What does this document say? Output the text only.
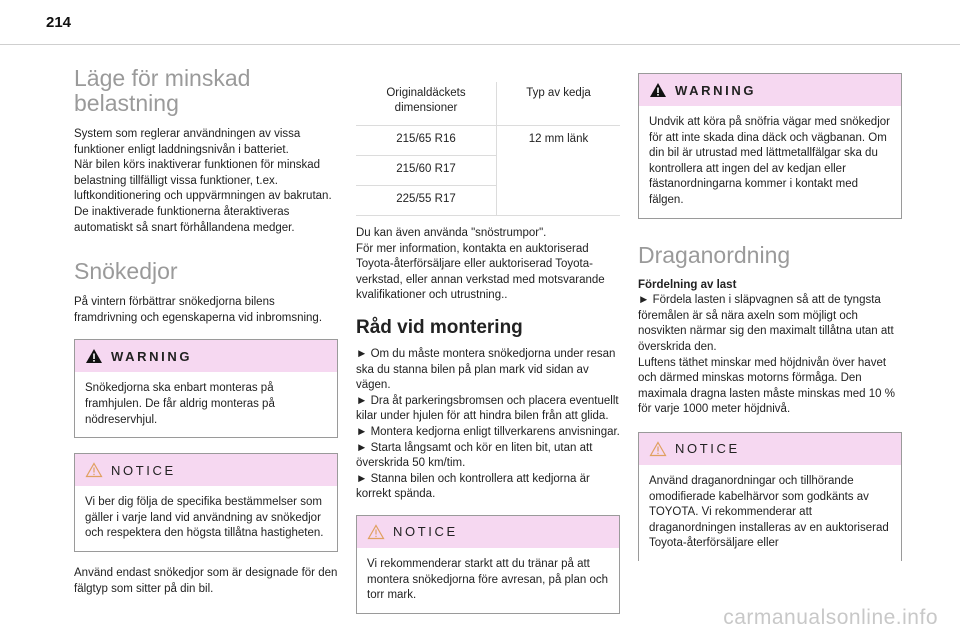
214
Läge för minskad belastning

System som reglerar användningen av vissa funktioner enligt laddningsnivån i batteriet.
När bilen körs inaktiverar funktionen för minskad belastning tillfälligt vissa funktioner, t.ex. luftkonditionering och uppvärmningen av bakrutan.
De inaktiverade funktionerna återaktiveras automatiskt så snart förhållandena medger.

Snökedjor

På vintern förbättrar snökedjorna bilens framdrivning och egenskaperna vid inbromsning.

WARNING
Snökedjorna ska enbart monteras på framhjulen. De får aldrig monteras på nödreservhjul.
NOTICE
Vi ber dig följa de specifika bestämmelser som gäller i varje land vid användning av snökedjor och respektera den högsta tillåtna hastigheten.

Använd endast snökedjor som är designade för den fälgtyp som sitter på din bil.

Originaldäckets dimensioner	Typ av kedja
215/65 R16	12 mm länk
215/60 R17	
225/55 R17	

Du kan även använda "snöstrumpor".
För mer information, kontakta en auktoriserad Toyota-återförsäljare eller auktoriserad Toyota-verkstad, eller annan verkstad med motsvarande kvalifikationer och utrustning..

Råd vid montering

► Om du måste montera snökedjorna under resan ska du stanna bilen på plan mark vid sidan av vägen.
► Dra åt parkeringsbromsen och placera eventuellt kilar under hjulen för att hindra bilen från att glida.
► Montera kedjorna enligt tillverkarens anvisningar.
► Starta långsamt och kör en liten bit, utan att överskrida 50 km/tim.
► Stanna bilen och kontrollera att kedjorna är korrekt spända.

NOTICE
Vi rekommenderar starkt att du tränar på att montera snökedjorna före avresan, på plan och torr mark.
WARNING
Undvik att köra på snöfria vägar med snökedjor för att inte skada dina däck och vägbanan. Om din bil är utrustad med lättmetallfälgar ska du kontrollera att ingen del av kedjan eller fästanordningarna kommer i kontakt med fälgen.
Draganordning

Fördelning av last

► Fördela lasten i släpvagnen så att de tyngsta föremålen är så nära axeln som möjligt och nosvikten närmar sig den maximalt tillåtna utan att överskrida den.
Luftens täthet minskar med höjdnivån över havet och därmed minskas motorns förmåga. Den maximala dragna lasten måste minskas med 10 % för varje 1000 meter höjdnivå.

NOTICE
Använd draganordningar och tillhörande omodifierade kabelhärvor som godkänts av TOYOTA. Vi rekommenderar att draganordningen installeras av en auktoriserad Toyota-återförsäljare eller
carmanualsonline.info
